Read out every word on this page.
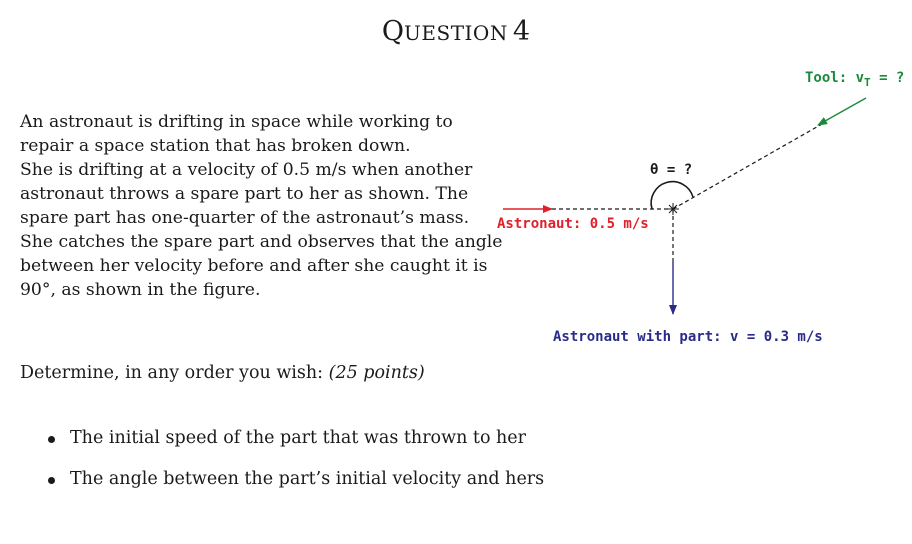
QUESTION 4
An astronaut is drifting in space while working to
repair a space station that has broken down.
She is drifting at a velocity of 0.5 m/s when another
astronaut throws a spare part to her as shown. The
spare part has one-quarter of the astronaut’s mass.
She catches the spare part and observes that the angle
between her velocity before and after she caught it is
90°, as shown in the figure.
Determine, in any order you wish: (25 points)
The initial speed of the part that was thrown to her
The angle between the part’s initial velocity and hers
Tool: $v_T$ = ?
θ = ?
Astronaut: 0.5 m/s
Astronaut with part: v = 0.3 m/s
